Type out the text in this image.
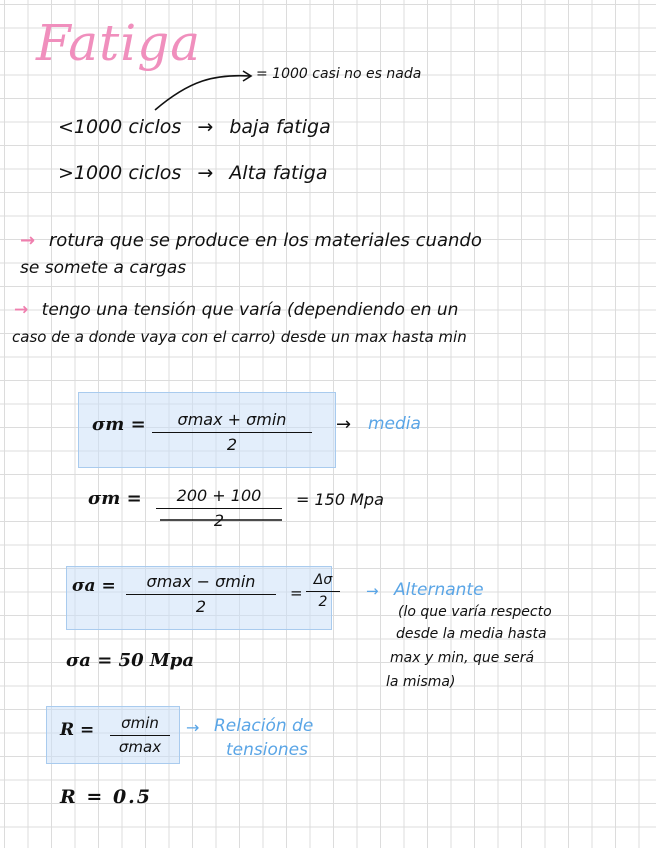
Fatiga
= 1000 casi no es nada
<1000 ciclos → baja fatiga
>1000 ciclos → Alta fatiga
→ rotura que se produce en los materiales cuando
se somete a cargas
→ tengo una tensión que varía (dependiendo en un
caso de a donde vaya con el carro) desde un max hasta min
σm =	σmax + σmin
2
→ media
$\sigma m = \frac{200 + 100}{2} = 150$ Mpa
σa =	σmax − σmin
2
= $\frac{\Delta\sigma}{2}$ → Alternante
(lo que varía respecto
desde la media hasta
max y min, que será
la misma)
σa = 50 Mpa
R =	σmin
σmax
→ Relación de
tensiones
R = 0.5
